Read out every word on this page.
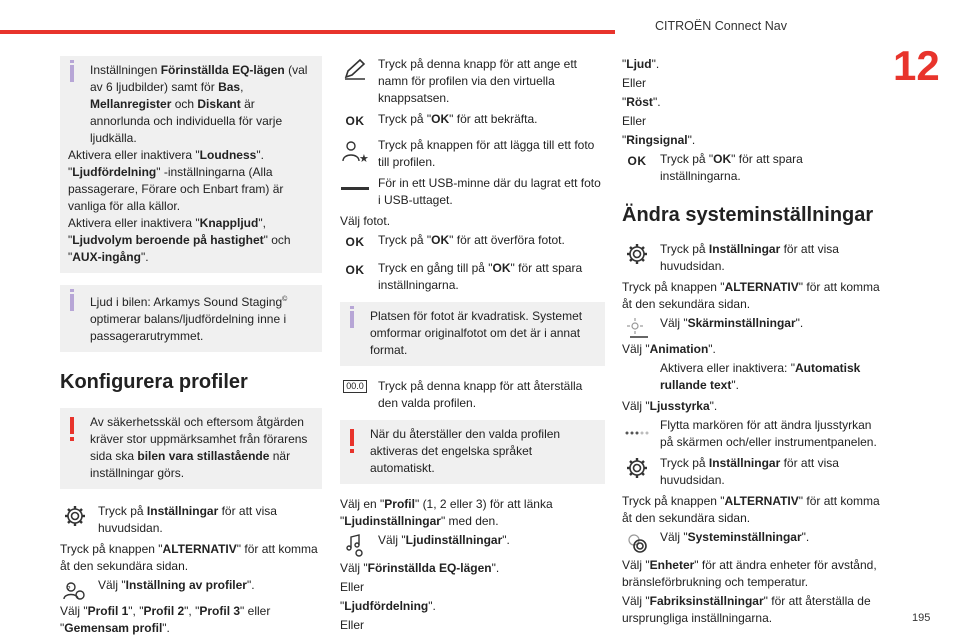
CITROËN Connect Nav
12
195

Inställningen Förinställda EQ-lägen (val av 6 ljudbilder) samt för Bas, Mellanregister och Diskant är annorlunda och individuella för varje ljudkälla.

Aktivera eller inaktivera "Loudness".

"Ljudfördelning" -inställningarna (Alla passagerare, Förare och Enbart fram) är vanliga för alla källor.

Aktivera eller inaktivera "Knappljud",

"Ljudvolym beroende på hastighet" och

"AUX-ingång".

Ljud i bilen: Arkamys Sound Staging© optimerar balans/ljudfördelning inne i passagerarutrymmet.

Konfigurera profiler

Av säkerhetsskäl och eftersom åtgärden kräver stor uppmärksamhet från förarens sida ska bilen vara stillastående när inställningar görs.

Tryck på Inställningar för att visa huvudsidan.

Tryck på knappen "ALTERNATIV" för att komma åt den sekundära sidan.

?	Välj "Inställning av profiler".

Välj "Profil 1", "Profil 2", "Profil 3" eller "Gemensam profil".

Tryck på denna knapp för att ange ett namn för profilen via den virtuella knappsatsen.
OK	Tryck på "OK" för att bekräfta.
★
Tryck på knappen för att lägga till ett foto till profilen.
För in ett USB-minne där du lagrat ett foto i USB-uttaget.

Välj fotot.

OK	Tryck på "OK" för att överföra fotot.
OK	Tryck en gång till på "OK" för att spara inställningarna.

Platsen för fotot är kvadratisk. Systemet omformar originalfotot om det är i annat format.

00.0	Tryck på denna knapp för att återställa den valda profilen.

När du återställer den valda profilen aktiveras det engelska språket automatiskt.

Välj en "Profil" (1, 2 eller 3) för att länka "Ljudinställningar" med den.

Välj "Ljudinställningar".

Välj "Förinställda EQ-lägen".

Eller

"Ljudfördelning".

Eller

"Ljud".

Eller

"Röst".

Eller

"Ringsignal".

OK	Tryck på "OK" för att spara inställningarna.
Ändra systeminställningar
Tryck på Inställningar för att visa huvudsidan.

Tryck på knappen "ALTERNATIV" för att komma åt den sekundära sidan.

Välj "Skärminställningar".

Välj "Animation".

Aktivera eller inaktivera: "Automatisk rullande text".

Välj "Ljusstyrka".

Flytta markören för att ändra ljusstyrkan på skärmen och/eller instrumentpanelen.
Tryck på Inställningar för att visa huvudsidan.

Tryck på knappen "ALTERNATIV" för att komma åt den sekundära sidan.

Välj "Systeminställningar".

Välj "Enheter" för att ändra enheter för avstånd, bränsleförbrukning och temperatur.

Välj "Fabriksinställningar" för att återställa de ursprungliga inställningarna.
